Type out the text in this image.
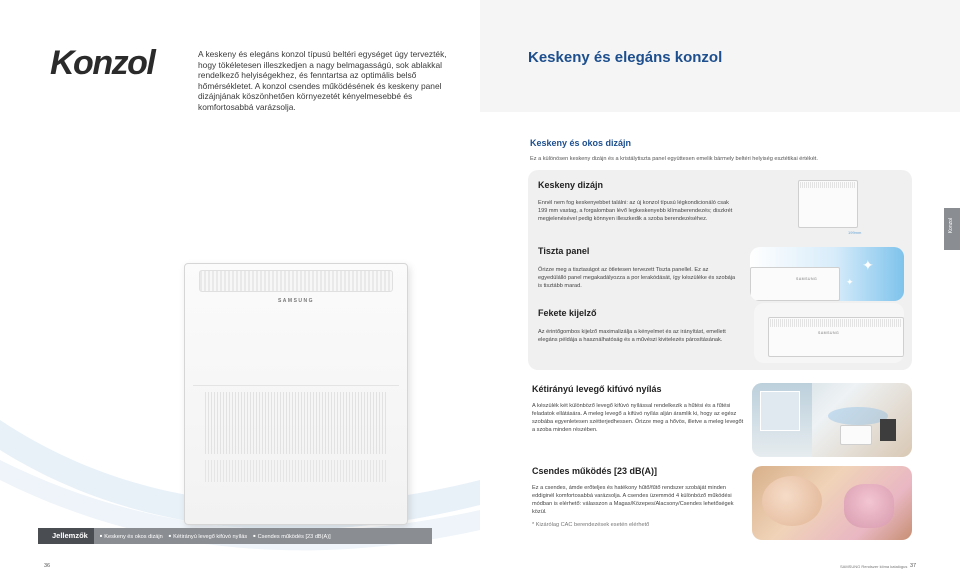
Konzol	A keskeny és elegáns konzol típusú beltéri egységet úgy tervezték, hogy tökéletesen illeszkedjen a nagy belmagasságú, sok ablakkal rendelkező helyiségekhez, és fenntartsa az optimális belső hőmérsékletet. A konzol csendes működésének és keskeny panel dizájnjának köszönhetően környezetét kényelmesebbé és komfortosabbá varázsolja.
SAMSUNG
Jellemzők	■ Keskeny és okos dizájn	■ Kétirányú levegő kifúvó nyílás	■ Csendes működés [23 dB(A)]
36
Keskeny és elegáns konzol
Keskeny és okos dizájn
Ez a különösen keskeny dizájn és a kristálytiszta panel együttesen emelik bármely beltéri helyiség esztétikai értékét.
Konzol
Keskeny dizájn
Ennél nem fog keskenyebbet találni: az új konzol típusú légkondicionáló csak 199 mm vastag, a forgalomban lévő legkeskenyebb klímaberendezés; diszkrét megjelenésével pedig könnyen illeszkedik a szoba berendezéséhez.
199mm
Tiszta panel
Őrizze meg a tisztaságot az ötletesen tervezett Tiszta panellel. Ez az egyedülálló panel megakadályozza a por lerakódását, így készüléke és szobája is tisztább marad.
SAMSUNG
✦
✦
Fekete kijelző
Az érintőgombos kijelző maximalizálja a kényelmet és az irányítást, emellett elegáns példája a használhatóság és a művészi kivitelezés párosításának.
SAMSUNG
Kétirányú levegő kifúvó nyílás
A készülék két különböző levegő kifúvó nyílással rendelkezik a hűtési és a fűtési feladatok ellátására. A meleg levegő a kifúvó nyílás alján áramlik ki, hogy az egész szobába egyenletesen szétterjedhessen. Őrizze meg a hővös, illetve a meleg levegőt a szoba minden részében.
Csendes működés [23 dB(A)]
Ez a csendes, ámde erőteljes és hatékony hűtő/fűtő rendszer szobáját minden eddiginél komfortosabbá varázsolja. A csendes üzemmód 4 különböző működési módban is elérhető: válasszon a Magas/Közepes/Alacsony/Csendes lehetőségek közül.
* Kizárólag CAC berendezések esetén elérhető
SAMSUNG Rendszer klíma katalógus 37
